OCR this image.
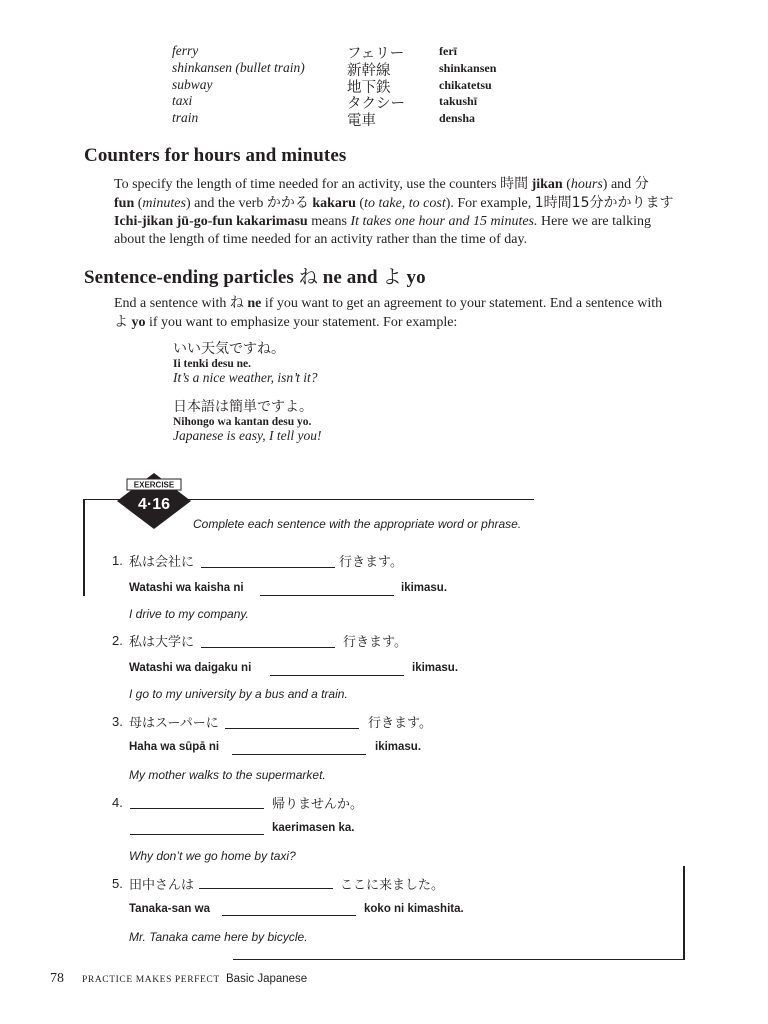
ferry	フェリー	ferī
shinkansen (bullet train)	新幹線	shinkansen
subway	地下鉄	chikatetsu
taxi	タクシー	takushī
train	電車	densha
Counters for hours and minutes
To specify the length of time needed for an activity, use the counters 時間 jikan (hours) and 分
fun (minutes) and the verb かかる kakaru (to take, to cost). For example, 1時間15分かかります
Ichi-jikan jū-go-fun kakarimasu means It takes one hour and 15 minutes. Here we are talking
about the length of time needed for an activity rather than the time of day.
Sentence-ending particles ね ne and よ yo
End a sentence with ね ne if you want to get an agreement to your statement. End a sentence with
よ yo if you want to emphasize your statement. For example:
いい天気ですね。
Ii tenki desu ne.
It’s a nice weather, isn’t it?
日本語は簡単ですよ。
Nihongo wa kantan desu yo.
Japanese is easy, I tell you!
EXERCISE
4·16
Complete each sentence with the appropriate word or phrase.
1. 私は会社に	行きます。
Watashi wa kaisha ni	ikimasu.
I drive to my company.
2. 私は大学に	行きます。
Watashi wa daigaku ni	ikimasu.
I go to my university by a bus and a train.
3. 母はスーパーに	行きます。
Haha wa sūpā ni	ikimasu.
My mother walks to the supermarket.
4.	帰りませんか。
kaerimasen ka.
Why don’t we go home by taxi?
5. 田中さんは	ここに来ました。
Tanaka-san wa	koko ni kimashita.
Mr. Tanaka came here by bicycle.
78 PRACTICE MAKES PERFECT Basic Japanese
